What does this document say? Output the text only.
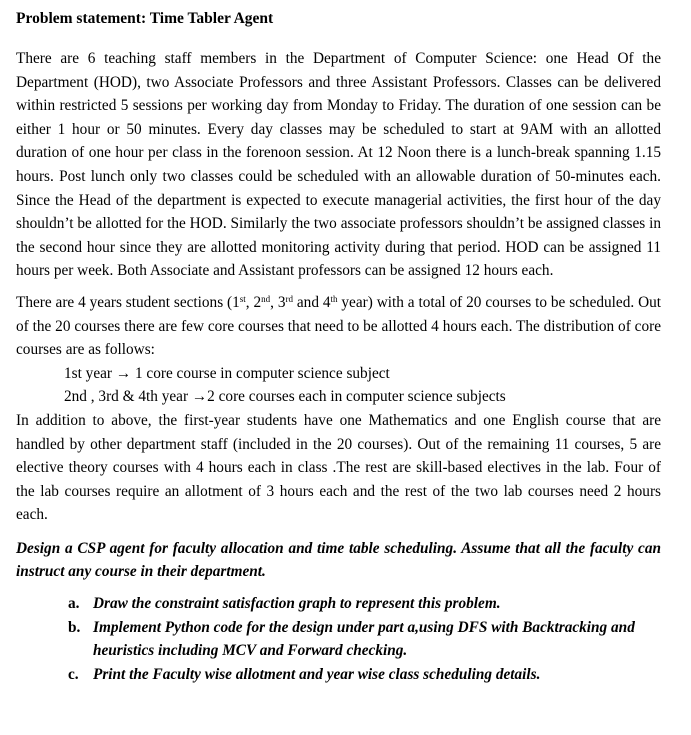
Problem statement: Time Tabler Agent

There are 6 teaching staff members in the Department of Computer Science: one Head Of the Department (HOD), two Associate Professors and three Assistant Professors. Classes can be delivered within restricted 5 sessions per working day from Monday to Friday. The duration of one session can be either 1 hour or 50 minutes. Every day classes may be scheduled to start at 9AM with an allotted duration of one hour per class in the forenoon session. At 12 Noon there is a lunch-break spanning 1.15 hours. Post lunch only two classes could be scheduled with an allowable duration of 50-minutes each. Since the Head of the department is expected to execute managerial activities, the first hour of the day shouldn’t be allotted for the HOD. Similarly the two associate professors shouldn’t be assigned classes in the second hour since they are allotted monitoring activity during that period. HOD can be assigned 11 hours per week. Both Associate and Assistant professors can be assigned 12 hours each.

There are 4 years student sections (1st, 2nd, 3rd and 4th year) with a total of 20 courses to be scheduled. Out of the 20 courses there are few core courses that need to be allotted 4 hours each. The distribution of core courses are as follows:

1st year → 1 core course in computer science subject

2nd , 3rd & 4th year →2 core courses each in computer science subjects

In addition to above, the first-year students have one Mathematics and one English course that are handled by other department staff (included in the 20 courses). Out of the remaining 11 courses, 5 are elective theory courses with 4 hours each in class .The rest are skill-based electives in the lab. Four of the lab courses require an allotment of 3 hours each and the rest of the two lab courses need 2 hours each.

Design a CSP agent for faculty allocation and time table scheduling. Assume that all the faculty can instruct any course in their department.

a. Draw the constraint satisfaction graph to represent this problem.
b. Implement Python code for the design under part a,using DFS with Backtracking and heuristics including MCV and Forward checking.
c. Print the Faculty wise allotment and year wise class scheduling details.
